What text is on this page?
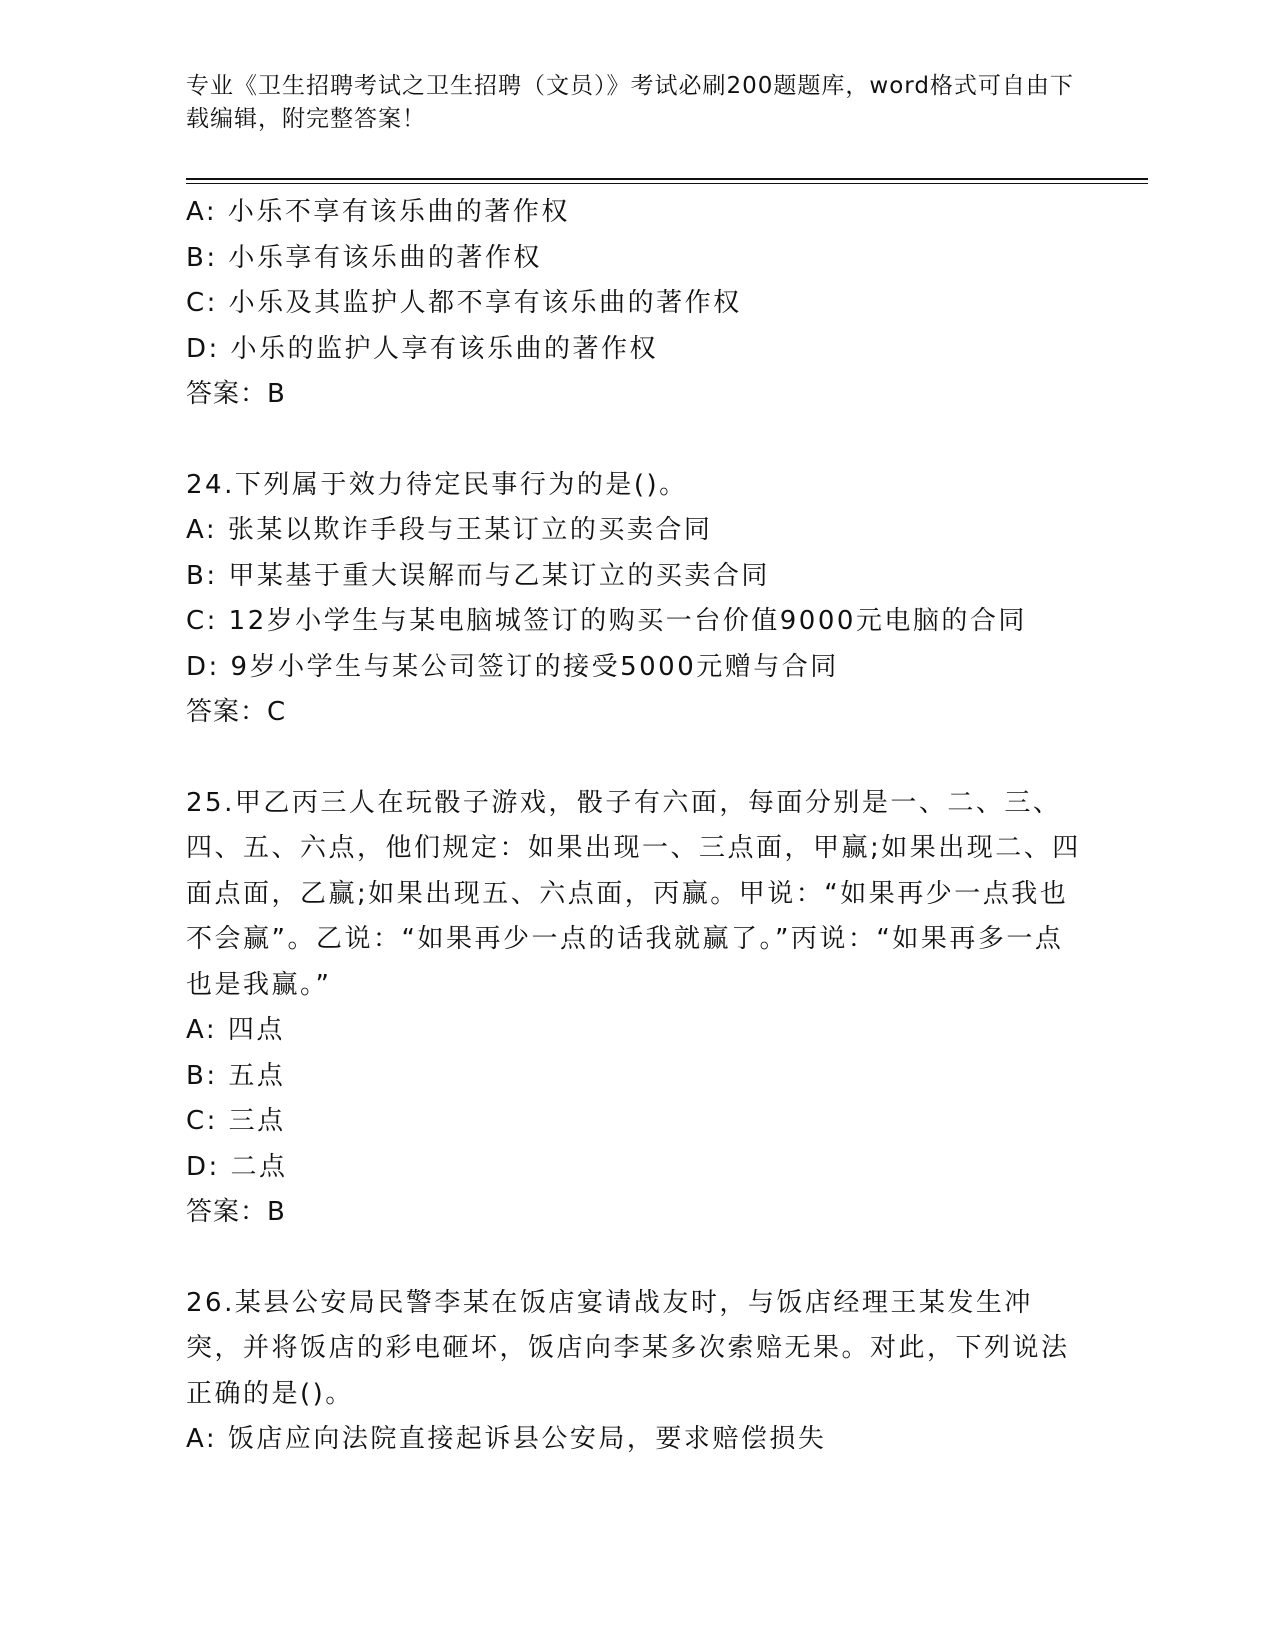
专业《卫生招聘考试之卫生招聘（文员）》考试必刷200题题库，word格式可自由下载编辑，附完整答案！
A: 小乐不享有该乐曲的著作权
B: 小乐享有该乐曲的著作权
C: 小乐及其监护人都不享有该乐曲的著作权
D: 小乐的监护人享有该乐曲的著作权
答案：B
24.下列属于效力待定民事行为的是()。
A: 张某以欺诈手段与王某订立的买卖合同
B: 甲某基于重大误解而与乙某订立的买卖合同
C: 12岁小学生与某电脑城签订的购买一台价值9000元电脑的合同
D: 9岁小学生与某公司签订的接受5000元赠与合同
答案：C
25.甲乙丙三人在玩骰子游戏，骰子有六面，每面分别是一、二、三、四、五、六点，他们规定：如果出现一、三点面，甲赢;如果出现二、四面点面，乙赢;如果出现五、六点面，丙赢。甲说：“如果再少一点我也不会赢”。乙说：“如果再少一点的话我就赢了。”丙说：“如果再多一点也是我赢。”
A: 四点
B: 五点
C: 三点
D: 二点
答案：B
26.某县公安局民警李某在饭店宴请战友时，与饭店经理王某发生冲突，并将饭店的彩电砸坏，饭店向李某多次索赔无果。对此，下列说法正确的是()。
A: 饭店应向法院直接起诉县公安局，要求赔偿损失
